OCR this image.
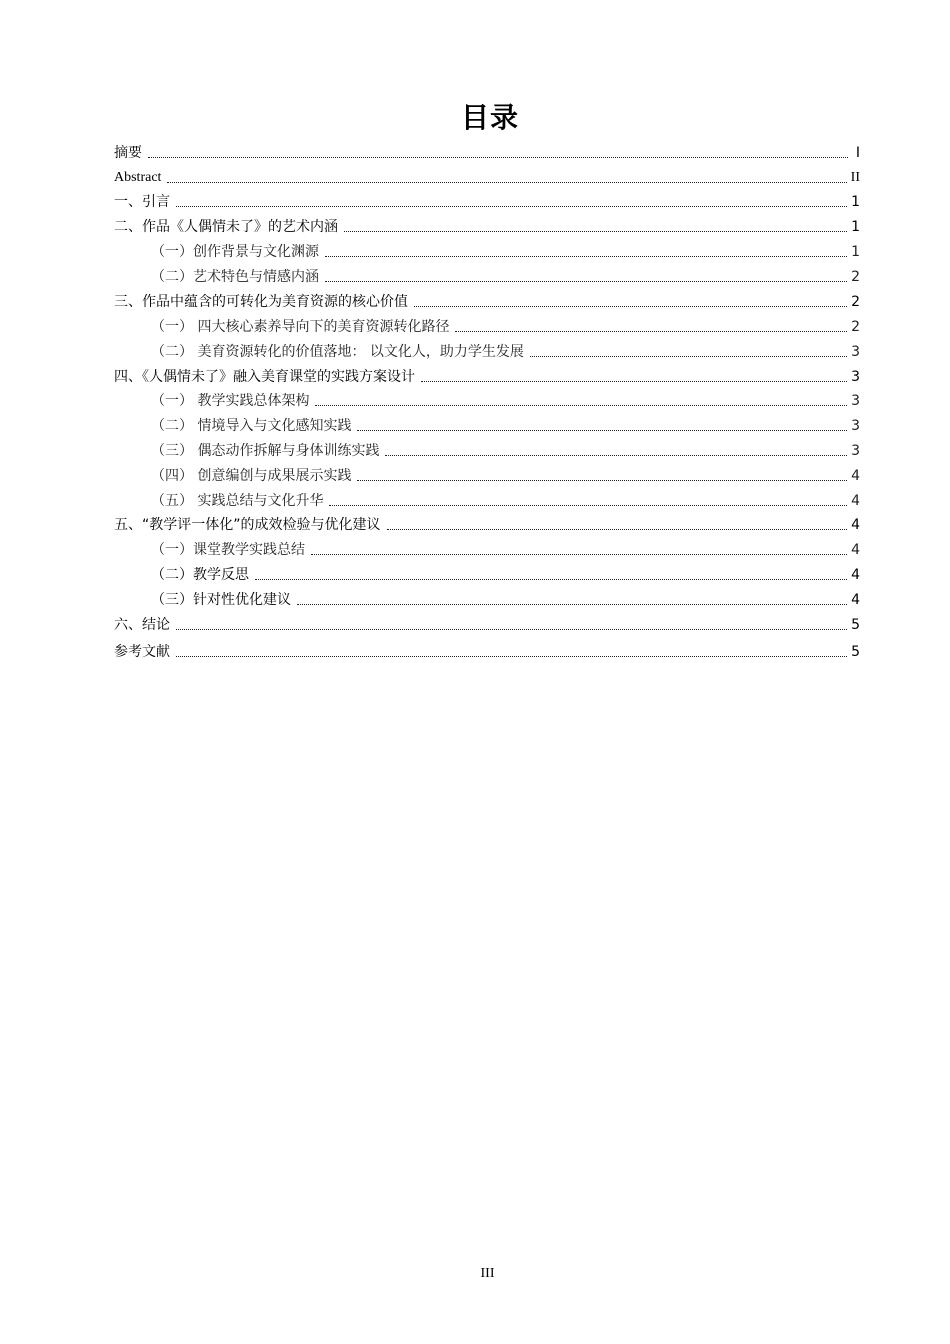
目录
摘要	I
Abstract	II
一、引言	1
二、作品《人偶情未了》的艺术内涵	1
（一）创作背景与文化渊源	1
（二）艺术特色与情感内涵	2
三、作品中蕴含的可转化为美育资源的核心价值	2
（一） 四大核心素养导向下的美育资源转化路径	2
（二） 美育资源转化的价值落地： 以文化人，助力学生发展	3
四、《人偶情未了》融入美育课堂的实践方案设计	3
（一） 教学实践总体架构	3
（二） 情境导入与文化感知实践	3
（三） 偶态动作拆解与身体训练实践	3
（四） 创意编创与成果展示实践	4
（五） 实践总结与文化升华	4
五、“教学评一体化”的成效检验与优化建议	4
（一）课堂教学实践总结	4
（二）教学反思	4
（三）针对性优化建议	4
六、结论	5
参考文献	5
III
